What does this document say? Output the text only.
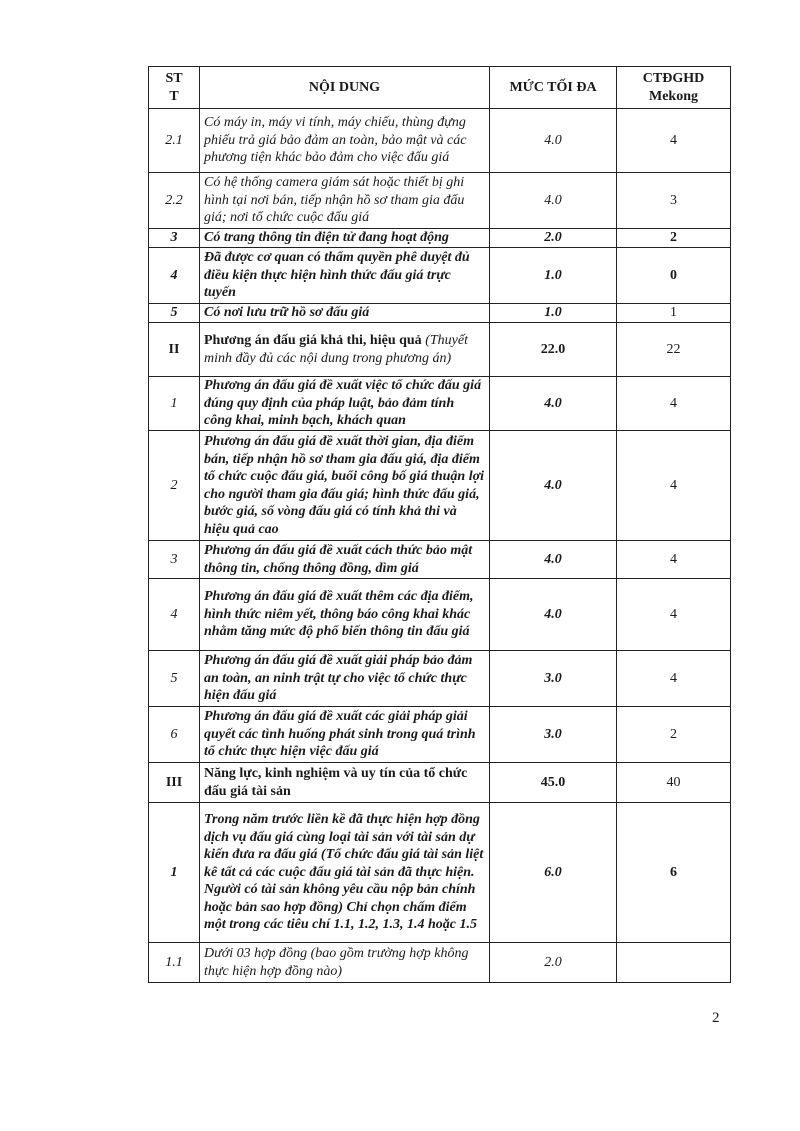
STT	NỘI DUNG	MỨC TỐI ĐA	CTĐGHD Mekong
2.1	Có máy in, máy vi tính, máy chiếu, thùng đựng phiếu trả giá bảo đảm an toàn, bảo mật và các phương tiện khác bảo đảm cho việc đấu giá	4.0	4
2.2	Có hệ thống camera giám sát hoặc thiết bị ghi hình tại nơi bán, tiếp nhận hồ sơ tham gia đấu giá; nơi tổ chức cuộc đấu giá	4.0	3
3	Có trang thông tin điện tử đang hoạt động	2.0	2
4	Đã được cơ quan có thẩm quyền phê duyệt đủ điều kiện thực hiện hình thức đấu giá trực tuyến	1.0	0
5	Có nơi lưu trữ hồ sơ đấu giá	1.0	1
II	Phương án đấu giá khả thi, hiệu quả (Thuyết minh đầy đủ các nội dung trong phương án)	22.0	22
1	Phương án đấu giá đề xuất việc tổ chức đấu giá đúng quy định của pháp luật, bảo đảm tính công khai, minh bạch, khách quan	4.0	4
2	Phương án đấu giá đề xuất thời gian, địa điểm bán, tiếp nhận hồ sơ tham gia đấu giá, địa điểm tổ chức cuộc đấu giá, buổi công bố giá thuận lợi cho người tham gia đấu giá; hình thức đấu giá, bước giá, số vòng đấu giá có tính khả thi và hiệu quả cao	4.0	4
3	Phương án đấu giá đề xuất cách thức bảo mật thông tin, chống thông đồng, dìm giá	4.0	4
4	Phương án đấu giá đề xuất thêm các địa điểm, hình thức niêm yết, thông báo công khai khác nhằm tăng mức độ phổ biến thông tin đấu giá	4.0	4
5	Phương án đấu giá đề xuất giải pháp bảo đảm an toàn, an ninh trật tự cho việc tổ chức thực hiện đấu giá	3.0	4
6	Phương án đấu giá đề xuất các giải pháp giải quyết các tình huống phát sinh trong quá trình tổ chức thực hiện việc đấu giá	3.0	2
III	Năng lực, kinh nghiệm và uy tín của tổ chức đấu giá tài sản	45.0	40
1	Trong năm trước liền kề đã thực hiện hợp đồng dịch vụ đấu giá cùng loại tài sản với tài sản dự kiến đưa ra đấu giá (Tổ chức đấu giá tài sản liệt kê tất cả các cuộc đấu giá tài sản đã thực hiện. Người có tài sản không yêu cầu nộp bản chính hoặc bản sao hợp đồng) Chỉ chọn chấm điểm một trong các tiêu chí 1.1, 1.2, 1.3, 1.4 hoặc 1.5	6.0	6
1.1	Dưới 03 hợp đồng (bao gồm trường hợp không thực hiện hợp đồng nào)	2.0	
2
